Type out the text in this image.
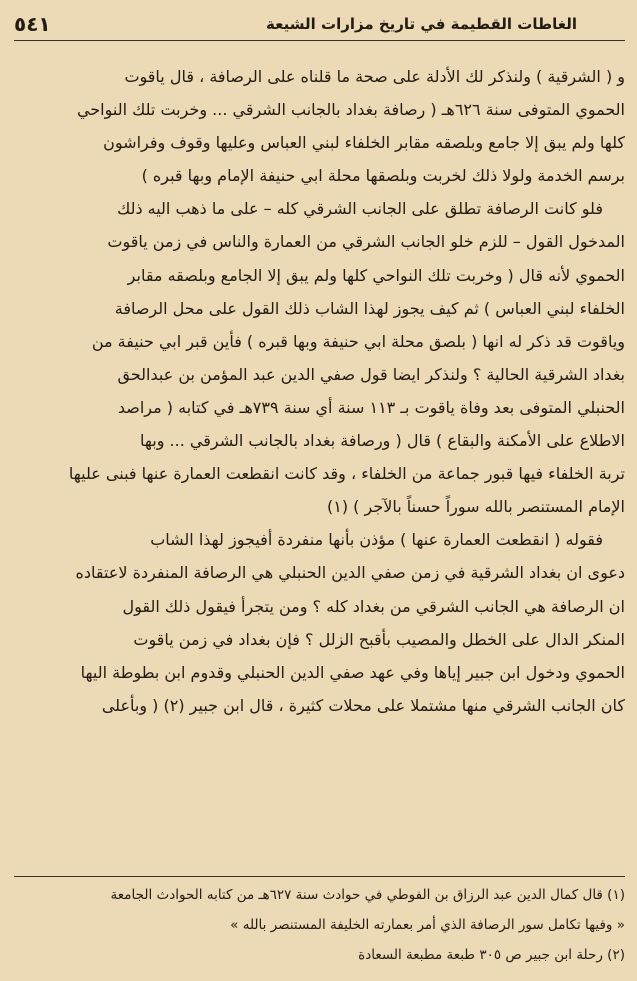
٥٤١	الغاطات القطيمة في تاريخ مزارات الشيعة

و ( الشرقية ) ولنذكر لك الأدلة على صحة ما قلناه على الرصافة ، قال ياقوت

الحموي المتوفى سنة ٦٢٦هـ ( رصافة بغداد بالجانب الشرقي ... وخربت تلك النواحي

كلها ولم يبق إلا جامع وبلصقه مقابر الخلفاء لبني العباس وعليها وقوف وفراشون

برسم الخدمة ولولا ذلك لخربت وبلصقها محلة ابي حنيفة الإمام وبها قبره )

فلو كانت الرصافة تطلق على الجانب الشرقي كله – على ما ذهب اليه ذلك

المدخول القول – للزم خلو الجانب الشرقي من العمارة والناس في زمن ياقوت

الحموي لأنه قال ( وخربت تلك النواحي كلها ولم يبق إلا الجامع وبلصقه مقابر

الخلفاء لبني العباس ) ثم كيف يجوز لهذا الشاب ذلك القول على محل الرصافة

وياقوت قد ذكر له انها ( بلصق محلة ابي حنيفة وبها قبره ) فأين قبر ابي حنيفة من

بغداد الشرقية الحالية ؟ ولنذكر ايضا قول صفي الدين عبد المؤمن بن عبدالحق

الحنبلي المتوفى بعد وفاة ياقوت بـ ١١٣ سنة أي سنة ٧٣٩هـ في كتابه ( مراصد

الاطلاع على الأمكنة والبقاع ) قال ( ورصافة بغداد بالجانب الشرقي ... وبها

تربة الخلفاء فيها قبور جماعة من الخلفاء ، وقد كانت انقطعت العمارة عنها فبنى عليها

الإمام المستنصر بالله سوراً حسناً بالآجر ) (١)

فقوله ( انقطعت العمارة عنها ) مؤذن بأنها منفردة أفيجوز لهذا الشاب

دعوى ان بغداد الشرقية في زمن صفي الدين الحنبلي هي الرصافة المنفردة لاعتقاده

ان الرصافة هي الجانب الشرقي من بغداد كله ؟ ومن يتجرأ فيقول ذلك القول

المنكر الدال على الخطل والمصيب بأقبح الزلل ؟ فإن بغداد في زمن ياقوت

الحموي ودخول ابن جبير إياها وفي عهد صفي الدين الحنبلي وقدوم ابن بطوطة اليها

كان الجانب الشرقي منها مشتملا على محلات كثيرة ، قال ابن جبير (٢) ( وبأعلى

(١) قال كمال الدين عبد الرزاق بن الفوطي في حوادث سنة ٦٢٧هـ من كتابه الحوادث الجامعة

« وفيها تكامل سور الرصافة الذي أمر بعمارته الخليفة المستنصر بالله »

(٢) رحلة ابن جبير ص ٣٠٥ طبعة مطبعة السعادة
